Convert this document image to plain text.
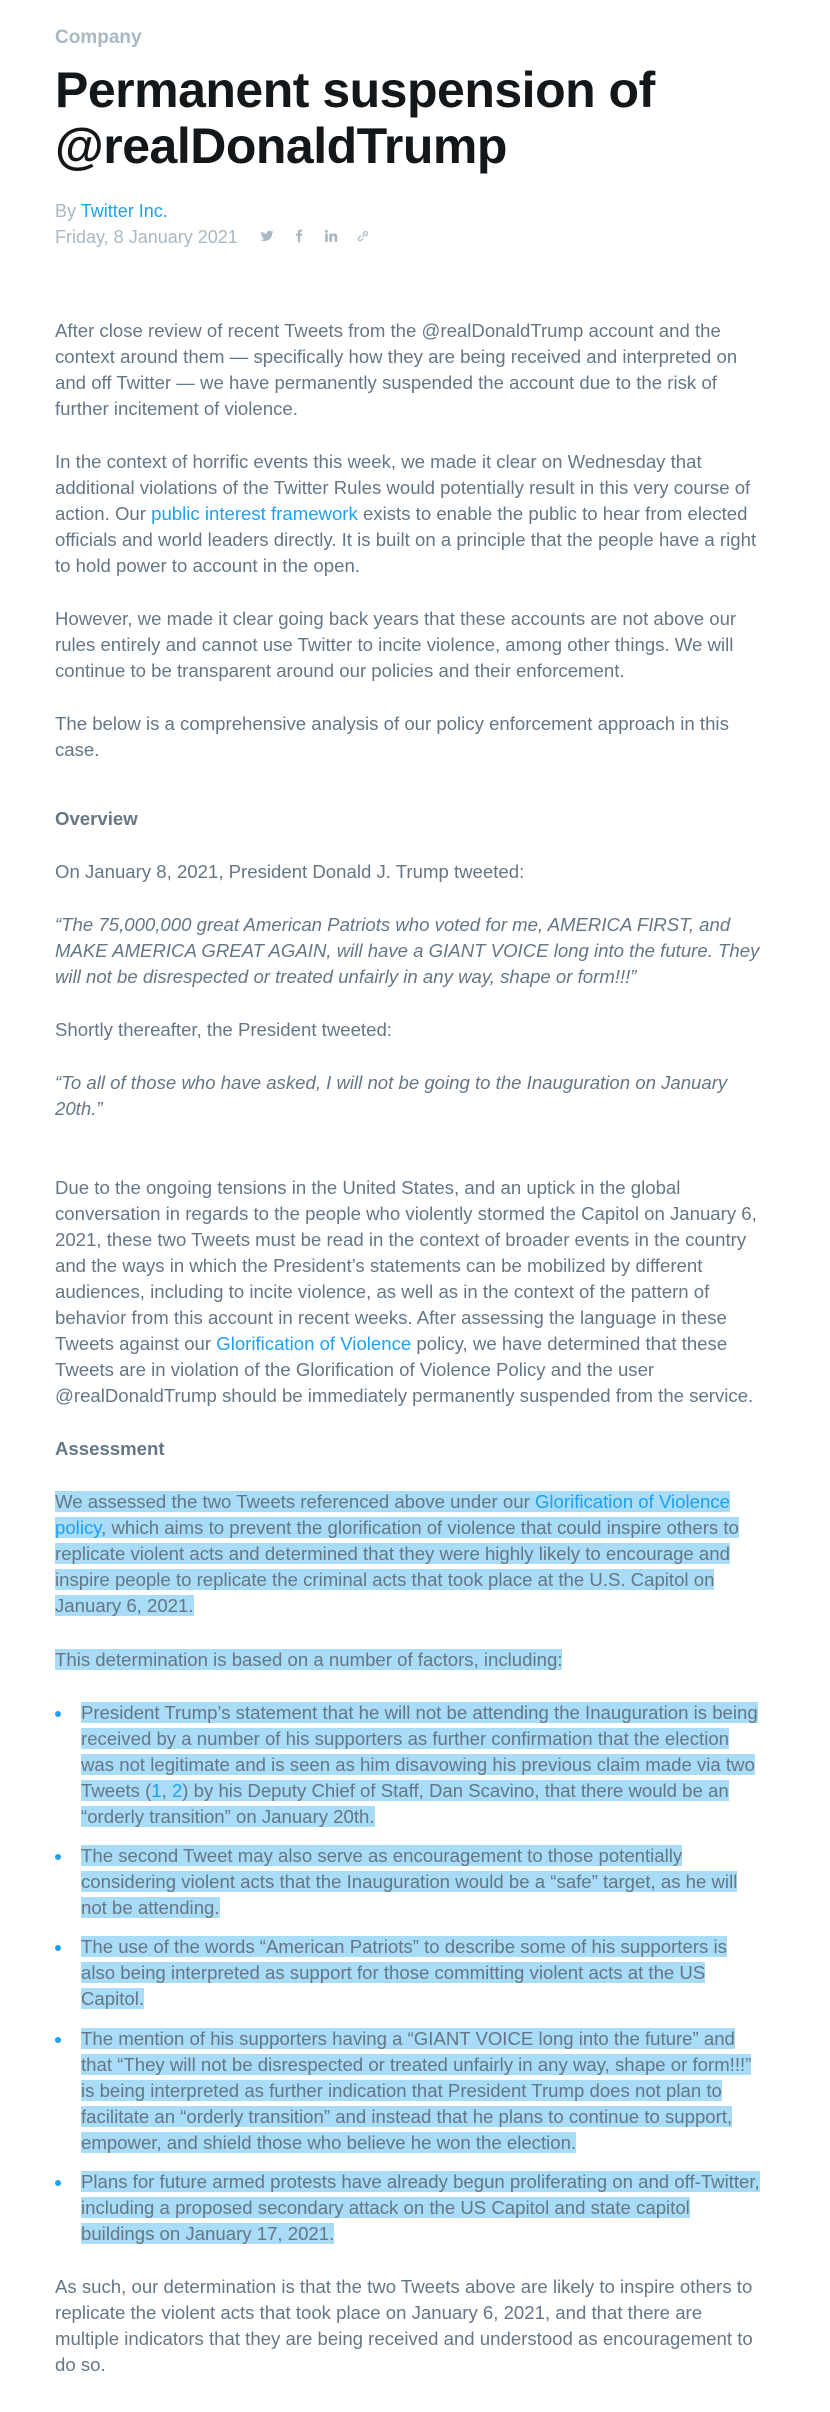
Company
Permanent suspension of @realDonaldTrump
By Twitter Inc.
Friday, 8 January 2021

After close review of recent Tweets from the @realDonaldTrump account and the context around them — specifically how they are being received and interpreted on and off Twitter — we have permanently suspended the account due to the risk of further incitement of violence.

In the context of horrific events this week, we made it clear on Wednesday that additional violations of the Twitter Rules would potentially result in this very course of action. Our public interest framework exists to enable the public to hear from elected officials and world leaders directly. It is built on a principle that the people have a right to hold power to account in the open.

However, we made it clear going back years that these accounts are not above our rules entirely and cannot use Twitter to incite violence, among other things. We will continue to be transparent around our policies and their enforcement.

The below is a comprehensive analysis of our policy enforcement approach in this case.

Overview

On January 8, 2021, President Donald J. Trump tweeted:

“The 75,000,000 great American Patriots who voted for me, AMERICA FIRST, and MAKE AMERICA GREAT AGAIN, will have a GIANT VOICE long into the future. They will not be disrespected or treated unfairly in any way, shape or form!!!”

Shortly thereafter, the President tweeted:

“To all of those who have asked, I will not be going to the Inauguration on January 20th.”

Due to the ongoing tensions in the United States, and an uptick in the global conversation in regards to the people who violently stormed the Capitol on January 6, 2021, these two Tweets must be read in the context of broader events in the country and the ways in which the President’s statements can be mobilized by different audiences, including to incite violence, as well as in the context of the pattern of behavior from this account in recent weeks. After assessing the language in these Tweets against our Glorification of Violence policy, we have determined that these Tweets are in violation of the Glorification of Violence Policy and the user @realDonaldTrump should be immediately permanently suspended from the service.

Assessment

We assessed the two Tweets referenced above under our Glorification of Violence policy, which aims to prevent the glorification of violence that could inspire others to replicate violent acts and determined that they were highly likely to encourage and inspire people to replicate the criminal acts that took place at the U.S. Capitol on January 6, 2021.

This determination is based on a number of factors, including:

President Trump’s statement that he will not be attending the Inauguration is being received by a number of his supporters as further confirmation that the election was not legitimate and is seen as him disavowing his previous claim made via two Tweets (1, 2) by his Deputy Chief of Staff, Dan Scavino, that there would be an “orderly transition” on January 20th.
The second Tweet may also serve as encouragement to those potentially considering violent acts that the Inauguration would be a “safe” target, as he will not be attending.
The use of the words “American Patriots” to describe some of his supporters is also being interpreted as support for those committing violent acts at the US Capitol.
The mention of his supporters having a “GIANT VOICE long into the future” and that “They will not be disrespected or treated unfairly in any way, shape or form!!!” is being interpreted as further indication that President Trump does not plan to facilitate an “orderly transition” and instead that he plans to continue to support, empower, and shield those who believe he won the election.
Plans for future armed protests have already begun proliferating on and off-Twitter, including a proposed secondary attack on the US Capitol and state capitol buildings on January 17, 2021.

As such, our determination is that the two Tweets above are likely to inspire others to replicate the violent acts that took place on January 6, 2021, and that there are multiple indicators that they are being received and understood as encouragement to do so.
